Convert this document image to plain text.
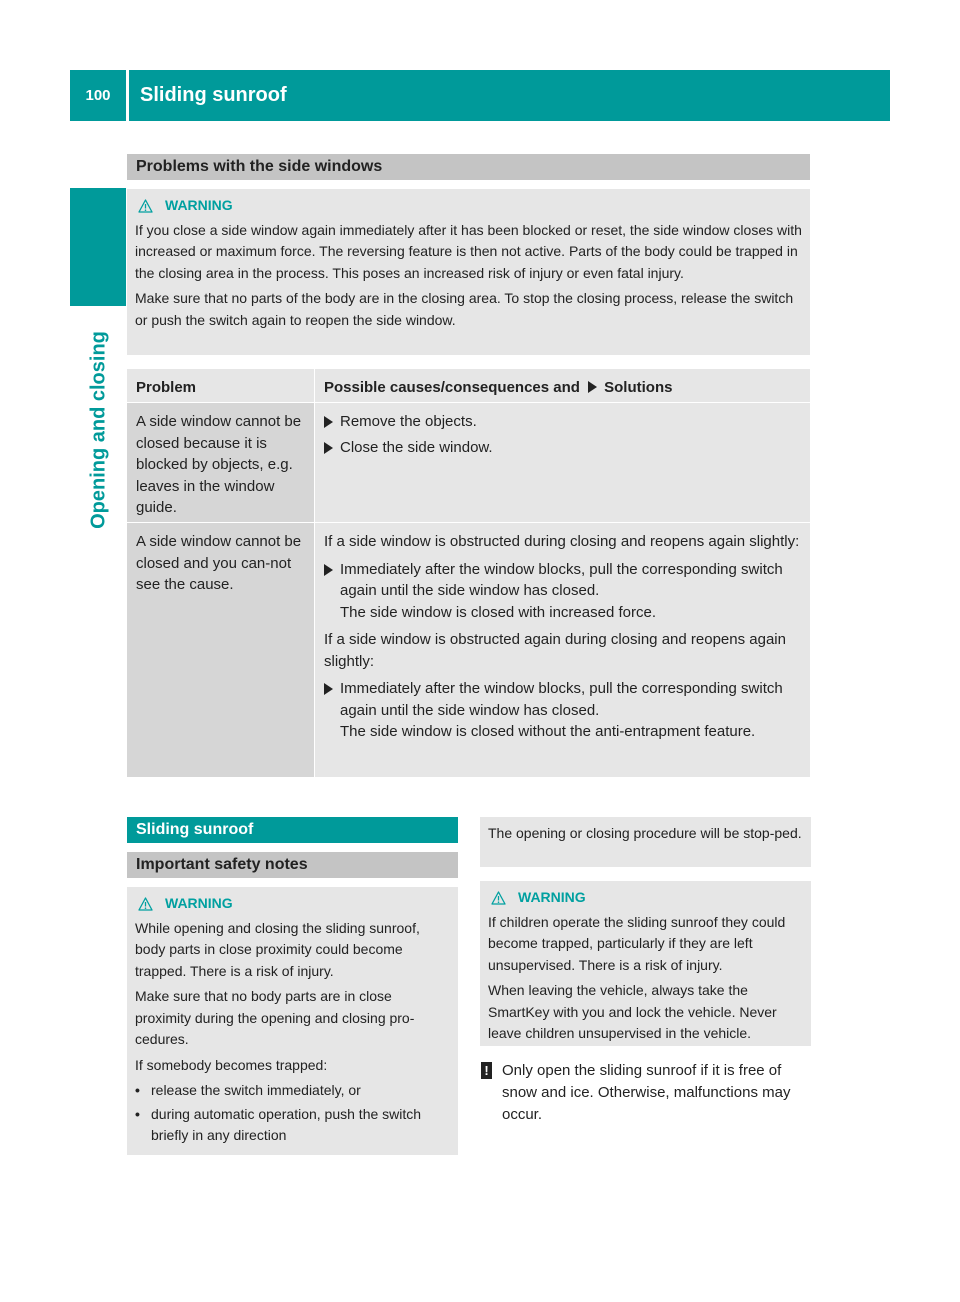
100	Sliding sunroof
Opening and closing
Problems with the side windows
WARNING

If you close a side window again immediately after it has been blocked or reset, the side window closes with increased or maximum force. The reversing feature is then not active. Parts of the body could be trapped in the closing area in the process. This poses an increased risk of injury or even fatal injury.

Make sure that no parts of the body are in the closing area. To stop the closing process, release the switch or push the switch again to reopen the side window.

Problem	Possible causes/consequences and Solutions
A side window cannot be closed because it is blocked by objects, e.g. leaves in the window guide.
Remove the objects.
Close the side window.
A side window cannot be closed and you can-not see the cause.
If a side window is obstructed during closing and reopens again slightly:
Immediately after the window blocks, pull the corresponding switch again until the side window has closed.
The side window is closed with increased force.
If a side window is obstructed again during closing and reopens again slightly:
Immediately after the window blocks, pull the corresponding switch again until the side window has closed.
The side window is closed without the anti-entrapment feature.
Sliding sunroof
Important safety notes
WARNING

While opening and closing the sliding sunroof, body parts in close proximity could become trapped. There is a risk of injury.

Make sure that no body parts are in close proximity during the opening and closing pro-cedures.

If somebody becomes trapped:

• release the switch immediately, or
• during automatic operation, push the switch briefly in any direction
The opening or closing procedure will be stop-ped.
WARNING

If children operate the sliding sunroof they could become trapped, particularly if they are left unsupervised. There is a risk of injury.

When leaving the vehicle, always take the SmartKey with you and lock the vehicle. Never leave children unsupervised in the vehicle.

! Only open the sliding sunroof if it is free of snow and ice. Otherwise, malfunctions may occur.
